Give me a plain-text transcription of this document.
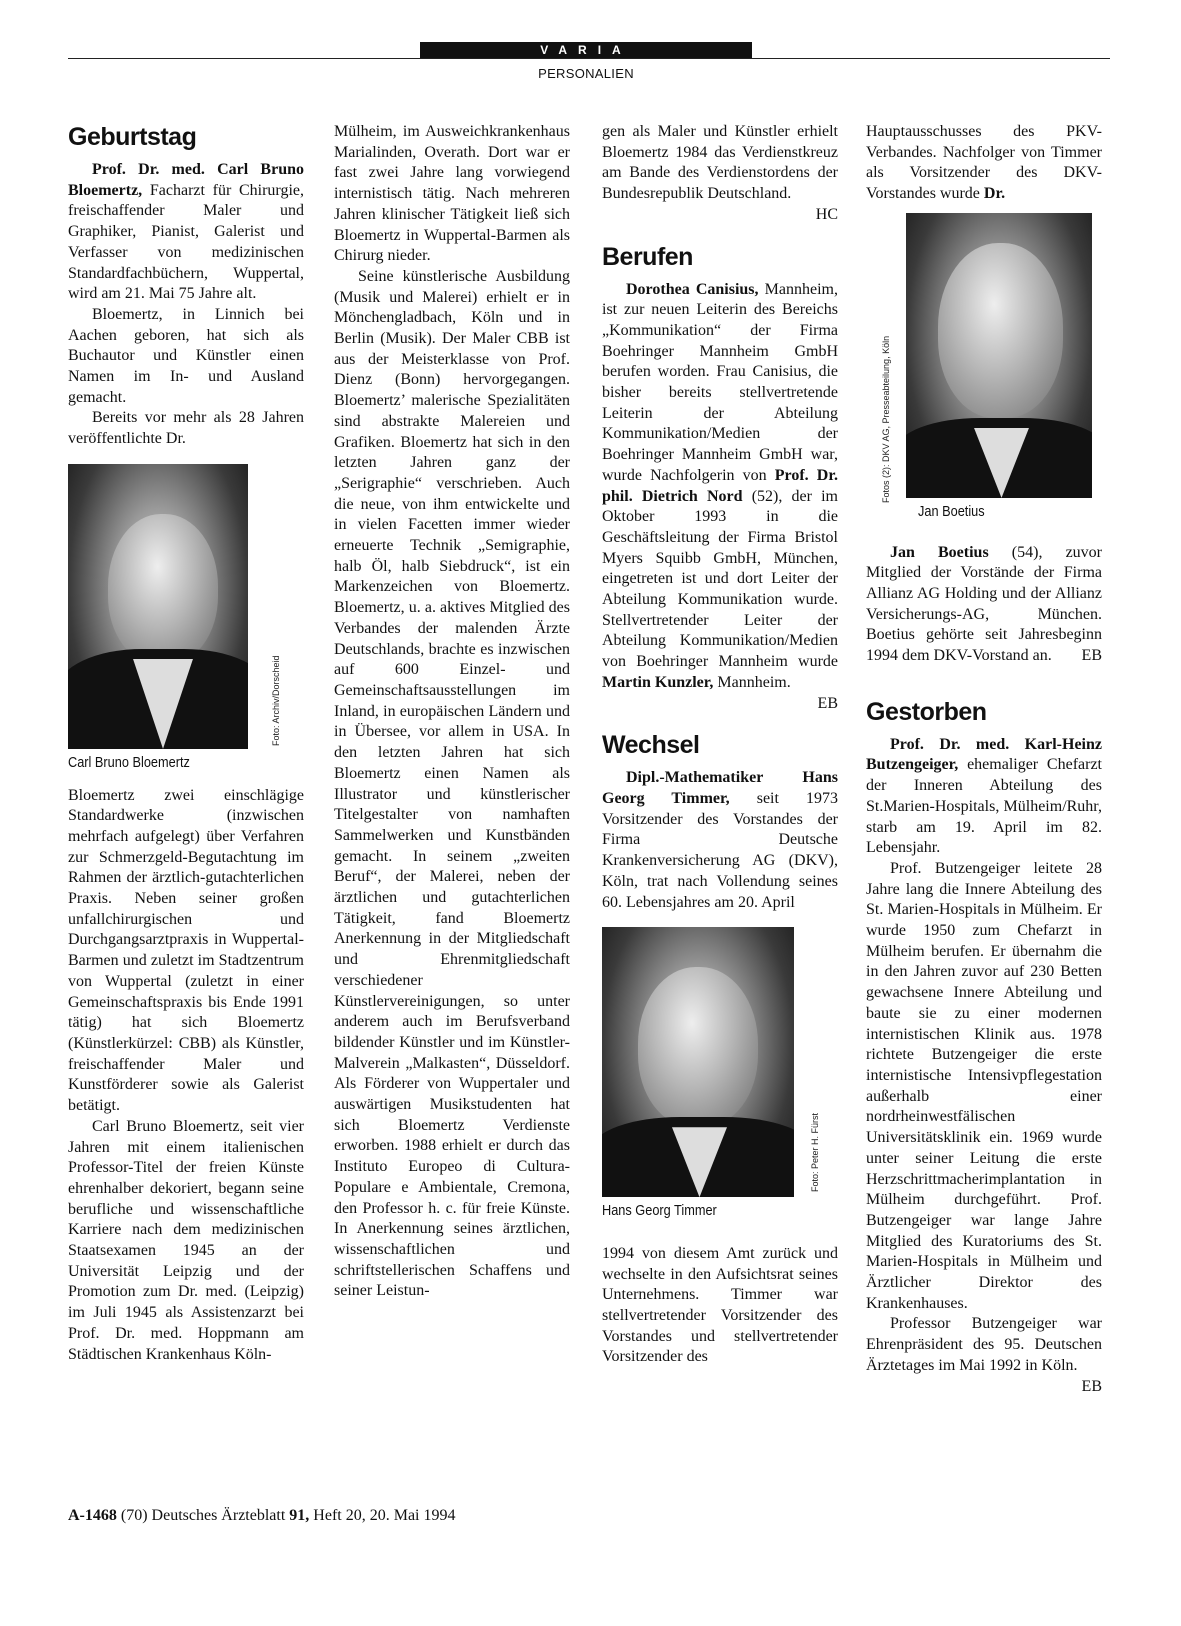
VARIA
PERSONALIEN
Geburtstag

Prof. Dr. med. Carl Bruno Bloemertz, Facharzt für Chirurgie, freischaffender Maler und Graphiker, Pianist, Galerist und Verfasser von medizinischen Standardfachbüchern, Wuppertal, wird am 21. Mai 75 Jahre alt.

Bloemertz, in Linnich bei Aachen geboren, hat sich als Buchautor und Künstler einen Namen im In- und Ausland gemacht.

Bereits vor mehr als 28 Jahren veröffentlichte Dr.

Foto: Archiv/Dorscheid
Carl Bruno Bloemertz

Bloemertz zwei einschlägige Standardwerke (inzwischen mehrfach aufgelegt) über Verfahren zur Schmerzgeld-Begutachtung im Rahmen der ärztlich-gutachterlichen Praxis. Neben seiner großen unfallchirurgischen und Durchgangsarztpraxis in Wuppertal-Barmen und zuletzt im Stadtzentrum von Wuppertal (zuletzt in einer Gemeinschaftspraxis bis Ende 1991 tätig) hat sich Bloemertz (Künstlerkürzel: CBB) als Künstler, freischaffender Maler und Kunstförderer sowie als Galerist betätigt.

Carl Bruno Bloemertz, seit vier Jahren mit einem italienischen Professor-Titel der freien Künste ehrenhalber dekoriert, begann seine berufliche und wissenschaftliche Karriere nach dem medizinischen Staatsexamen 1945 an der Universität Leipzig und der Promotion zum Dr. med. (Leipzig) im Juli 1945 als Assistenzarzt bei Prof. Dr. med. Hoppmann am Städtischen Krankenhaus Köln-

Mülheim, im Ausweichkrankenhaus Marialinden, Overath. Dort war er fast zwei Jahre lang vorwiegend internistisch tätig. Nach mehreren Jahren klinischer Tätigkeit ließ sich Bloemertz in Wuppertal-Barmen als Chirurg nieder.

Seine künstlerische Ausbildung (Musik und Malerei) erhielt er in Mönchengladbach, Köln und in Berlin (Musik). Der Maler CBB ist aus der Meisterklasse von Prof. Dienz (Bonn) hervorgegangen. Bloemertz’ malerische Spezialitäten sind abstrakte Malereien und Grafiken. Bloemertz hat sich in den letzten Jahren ganz der „Serigraphie“ verschrieben. Auch die neue, von ihm entwickelte und in vielen Facetten immer wieder erneuerte Technik „Semigraphie, halb Öl, halb Siebdruck“, ist ein Markenzeichen von Bloemertz. Bloemertz, u. a. aktives Mitglied des Verbandes der malenden Ärzte Deutschlands, brachte es inzwischen auf 600 Einzel- und Gemeinschaftsausstellungen im Inland, in europäischen Ländern und in Übersee, vor allem in USA. In den letzten Jahren hat sich Bloemertz einen Namen als Illustrator und künstlerischer Titelgestalter von namhaften Sammelwerken und Kunstbänden gemacht. In seinem „zweiten Beruf“, der Malerei, neben der ärztlichen und gutachterlichen Tätigkeit, fand Bloemertz Anerkennung in der Mitgliedschaft und Ehrenmitgliedschaft verschiedener Künstlervereinigungen, so unter anderem auch im Berufsverband bildender Künstler und im Künstler-Malverein „Malkasten“, Düsseldorf. Als Förderer von Wuppertaler und auswärtigen Musikstudenten hat sich Bloemertz Verdienste erworben. 1988 erhielt er durch das Instituto Europeo di Cultura-Populare e Ambientale, Cremona, den Professor h. c. für freie Künste. In Anerkennung seines ärztlichen, wissenschaftlichen und schriftstellerischen Schaffens und seiner Leistun-

gen als Maler und Künstler erhielt Bloemertz 1984 das Verdienstkreuz am Bande des Verdienstordens der Bundesrepublik Deutschland.

HC

Berufen

Dorothea Canisius, Mannheim, ist zur neuen Leiterin des Bereichs „Kommunikation“ der Firma Boehringer Mannheim GmbH berufen worden. Frau Canisius, die bisher bereits stellvertretende Leiterin der Abteilung Kommunikation/Medien der Boehringer Mannheim GmbH war, wurde Nachfolgerin von Prof. Dr. phil. Dietrich Nord (52), der im Oktober 1993 in die Geschäftsleitung der Firma Bristol Myers Squibb GmbH, München, eingetreten ist und dort Leiter der Abteilung Kommunikation wurde. Stellvertretender Leiter der Abteilung Kommunikation/Medien von Boehringer Mannheim wurde Martin Kunzler, Mannheim.

EB

Wechsel

Dipl.-Mathematiker Hans Georg Timmer, seit 1973 Vorsitzender des Vorstandes der Firma Deutsche Krankenversicherung AG (DKV), Köln, trat nach Vollendung seines 60. Lebensjahres am 20. April

Foto: Peter H. Fürst
Hans Georg Timmer

1994 von diesem Amt zurück und wechselte in den Aufsichtsrat seines Unternehmens. Timmer war stellvertretender Vorsitzender des Vorstandes und stellvertretender Vorsitzender des

Hauptausschusses des PKV-Verbandes. Nachfolger von Timmer als Vorsitzender des DKV-Vorstandes wurde Dr.

Fotos (2): DKV AG, Presseabteilung, Köln
Jan Boetius

Jan Boetius (54), zuvor Mitglied der Vorstände der Firma Allianz AG Holding und der Allianz Versicherungs-AG, München. Boetius gehörte seit Jahresbeginn 1994 dem DKV-Vorstand an.	EB

Gestorben

Prof. Dr. med. Karl-Heinz Butzengeiger, ehemaliger Chefarzt der Inneren Abteilung des St.Marien-Hospitals, Mülheim/Ruhr, starb am 19. April im 82. Lebensjahr.

Prof. Butzengeiger leitete 28 Jahre lang die Innere Abteilung des St. Marien-Hospitals in Mülheim. Er wurde 1950 zum Chefarzt in Mülheim berufen. Er übernahm die in den Jahren zuvor auf 230 Betten gewachsene Innere Abteilung und baute sie zu einer modernen internistischen Klinik aus. 1978 richtete Butzengeiger die erste internistische Intensivpflegestation außerhalb einer nordrheinwestfälischen Universitätsklinik ein. 1969 wurde unter seiner Leitung die erste Herzschrittmacherimplantation in Mülheim durchgeführt. Prof. Butzengeiger war lange Jahre Mitglied des Kuratoriums des St. Marien-Hospitals in Mülheim und Ärztlicher Direktor des Krankenhauses.

Professor Butzengeiger war Ehrenpräsident des 95. Deutschen Ärztetages im Mai 1992 in Köln.
EB

A-1468 (70) Deutsches Ärzteblatt 91, Heft 20, 20. Mai 1994
